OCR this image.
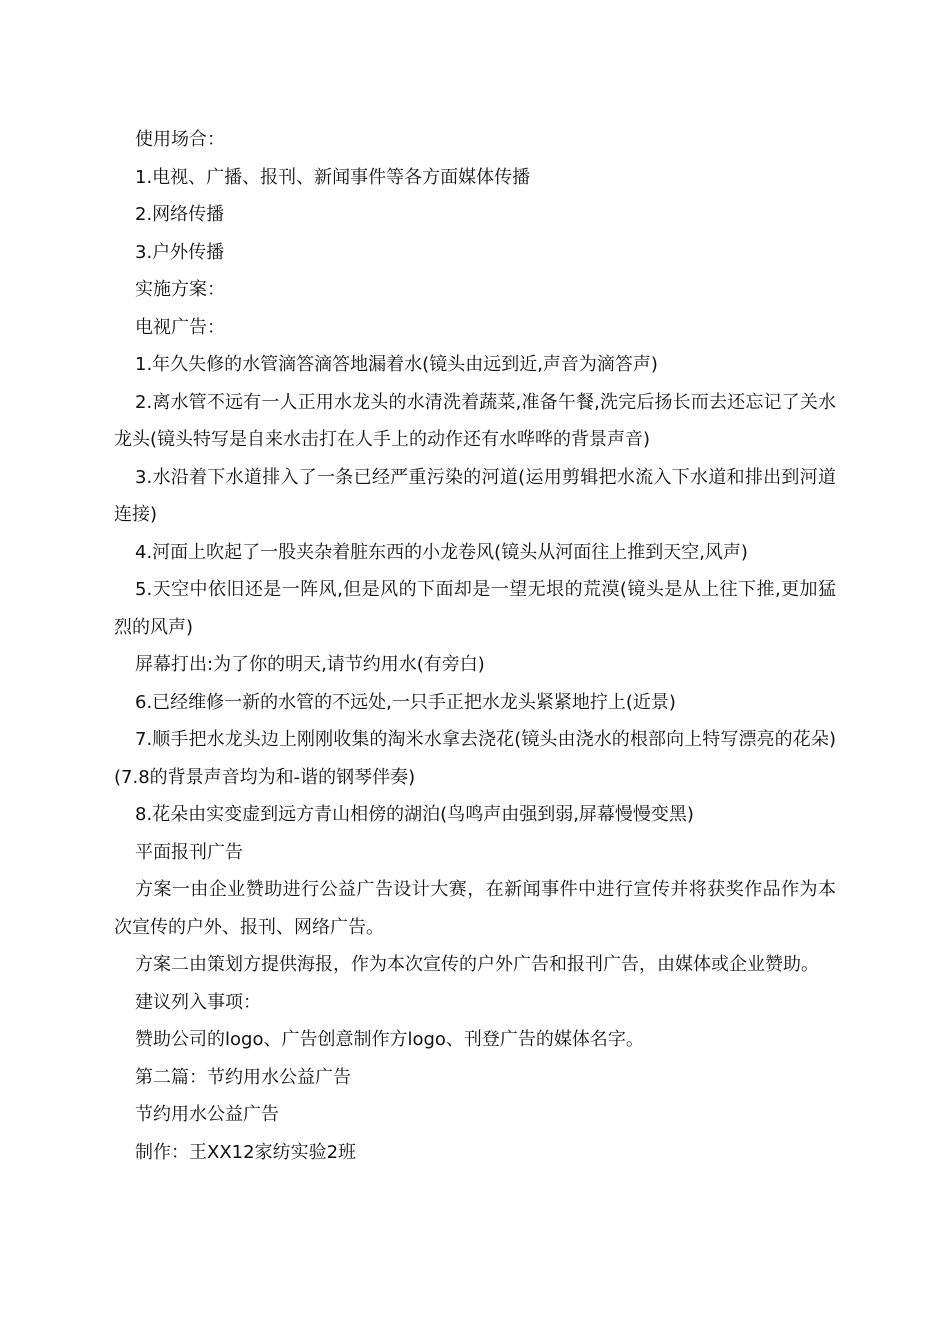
使用场合：

1.电视、广播、报刊、新闻事件等各方面媒体传播

2.网络传播

3.户外传播

实施方案：

电视广告：

1.年久失修的水管滴答滴答地漏着水(镜头由远到近,声音为滴答声)

2.离水管不远有一人正用水龙头的水清洗着蔬菜,准备午餐,洗完后扬长而去还忘记了关水龙头(镜头特写是自来水击打在人手上的动作还有水哗哗的背景声音)

3.水沿着下水道排入了一条已经严重污染的河道(运用剪辑把水流入下水道和排出到河道连接)

4.河面上吹起了一股夹杂着脏东西的小龙卷风(镜头从河面往上推到天空,风声)

5.天空中依旧还是一阵风,但是风的下面却是一望无垠的荒漠(镜头是从上往下推,更加猛烈的风声)

屏幕打出:为了你的明天,请节约用水(有旁白)

6.已经维修一新的水管的不远处,一只手正把水龙头紧紧地拧上(近景)

7.顺手把水龙头边上刚刚收集的淘米水拿去浇花(镜头由浇水的根部向上特写漂亮的花朵)(7.8的背景声音均为和-谐的钢琴伴奏)

8.花朵由实变虚到远方青山相傍的湖泊(鸟鸣声由强到弱,屏幕慢慢变黑)

平面报刊广告

方案一由企业赞助进行公益广告设计大赛，在新闻事件中进行宣传并将获奖作品作为本次宣传的户外、报刊、网络广告。

方案二由策划方提供海报，作为本次宣传的户外广告和报刊广告，由媒体或企业赞助。

建议列入事项：

赞助公司的logo、广告创意制作方logo、刊登广告的媒体名字。

第二篇：节约用水公益广告

节约用水公益广告

制作：王XX12家纺实验2班
